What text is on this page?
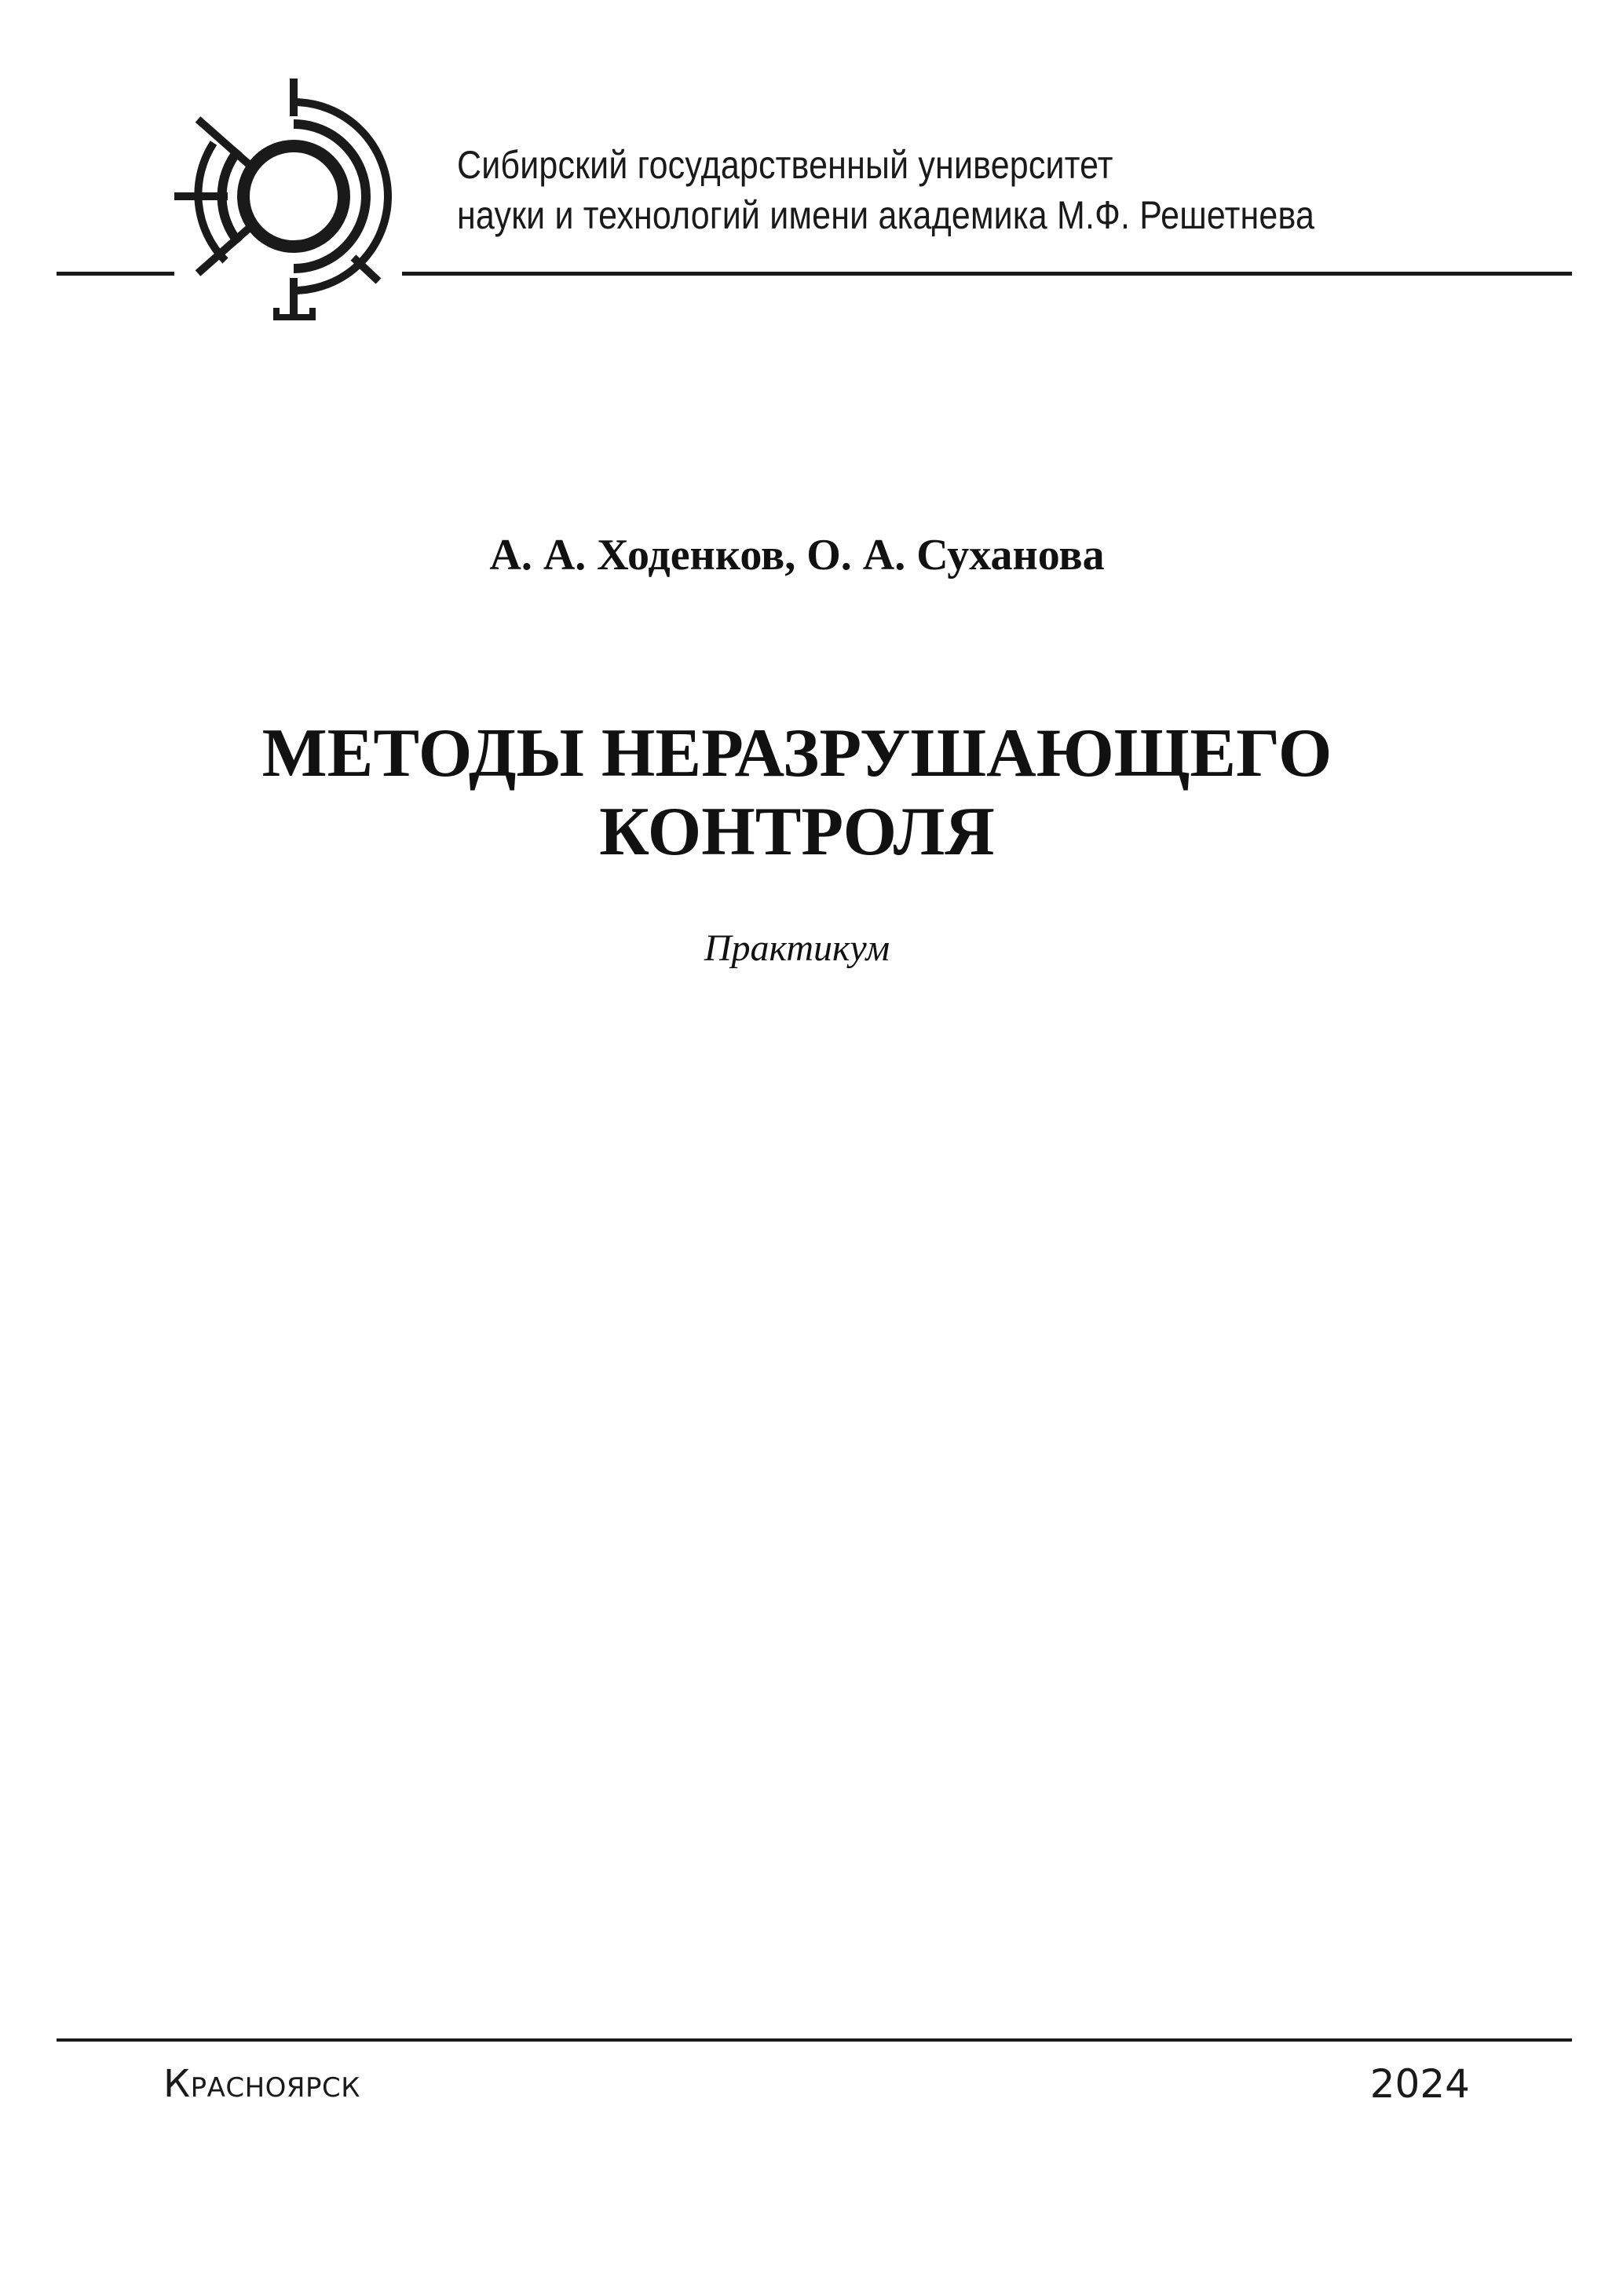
Сибирский государственный университет
науки и технологий имени академика М.Ф. Решетнева
А. А. Ходенков, О. А. Суханова
МЕТОДЫ НЕРАЗРУШАЮЩЕГО
КОНТРОЛЯ
Практикум
Красноярск	2024
